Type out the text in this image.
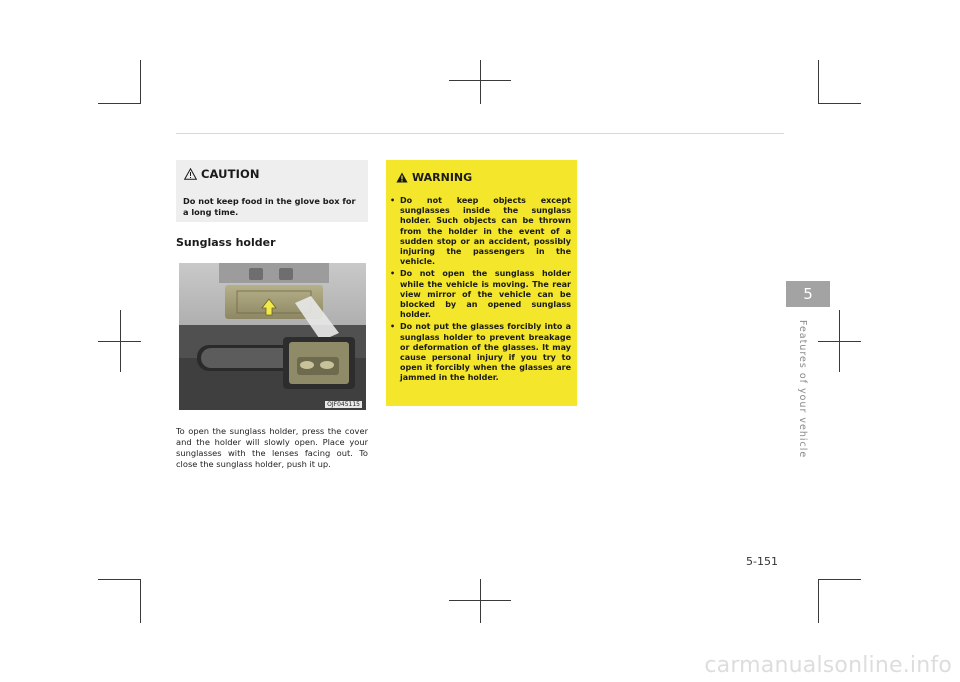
CAUTION
Do not keep food in the glove box for a long time.
Sunglass holder
OJF045115
To open the sunglass holder, press the cover and the holder will slowly open. Place your sunglasses with the lenses facing out. To close the sunglass holder, push it up.
WARNING
• Do not keep objects except sunglasses inside the sunglass holder. Such objects can be thrown from the holder in the event of a sudden stop or an accident, possibly injuring the passengers in the vehicle.
• Do not open the sunglass holder while the vehicle is moving. The rear view mirror of the vehicle can be blocked by an opened sunglass holder.
• Do not put the glasses forcibly into a sunglass holder to prevent breakage or deformation of the glasses. It may cause personal injury if you try to open it forcibly when the glasses are jammed in the holder.
5
Features of your vehicle
5-151
carmanualsonline.info
